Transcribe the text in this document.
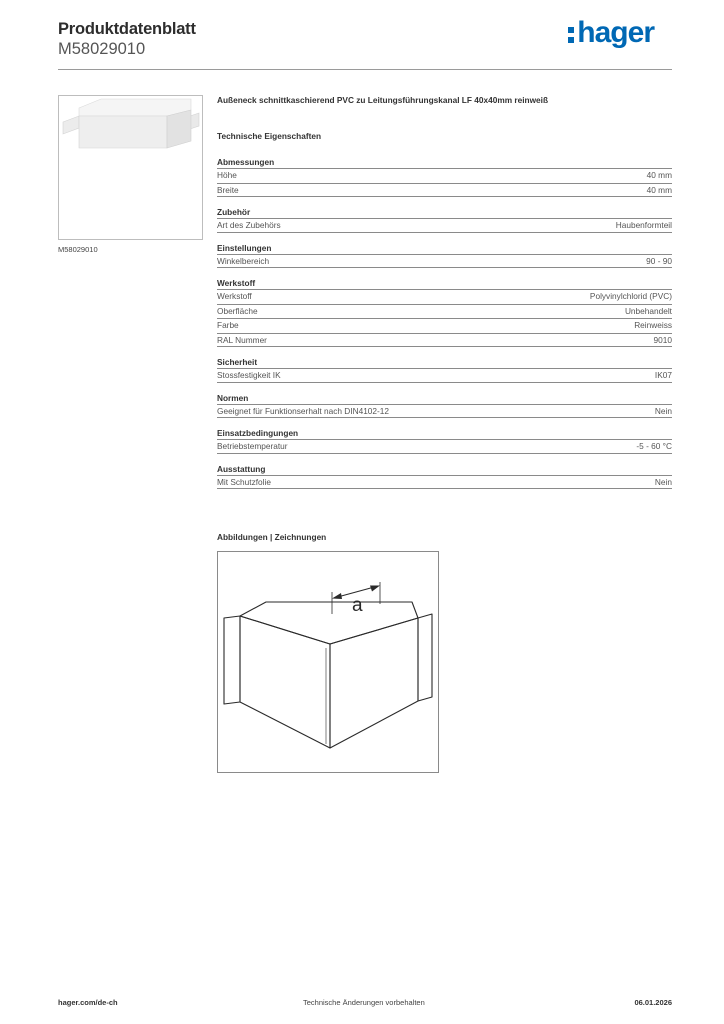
Produktdatenblatt
M58029010	hager
M58029010
Außeneck schnittkaschierend PVC zu Leitungsführungskanal LF 40x40mm reinweiß
Technische Eigenschaften
Abmessungen
Höhe	40 mm
Breite	40 mm
Zubehör
Art des Zubehörs	Haubenformteil
Einstellungen
Winkelbereich	90 - 90
Werkstoff
Werkstoff	Polyvinylchlorid (PVC)
Oberfläche	Unbehandelt
Farbe	Reinweiss
RAL Nummer	9010
Sicherheit
Stossfestigkeit IK	IK07
Normen
Geeignet für Funktionserhalt nach DIN4102-12	Nein
Einsatzbedingungen
Betriebstemperatur	-5 - 60 °C
Ausstattung
Mit Schutzfolie	Nein
Abbildungen | Zeichnungen
a
hager.com/de-ch	Technische Änderungen vorbehalten	06.01.2026
